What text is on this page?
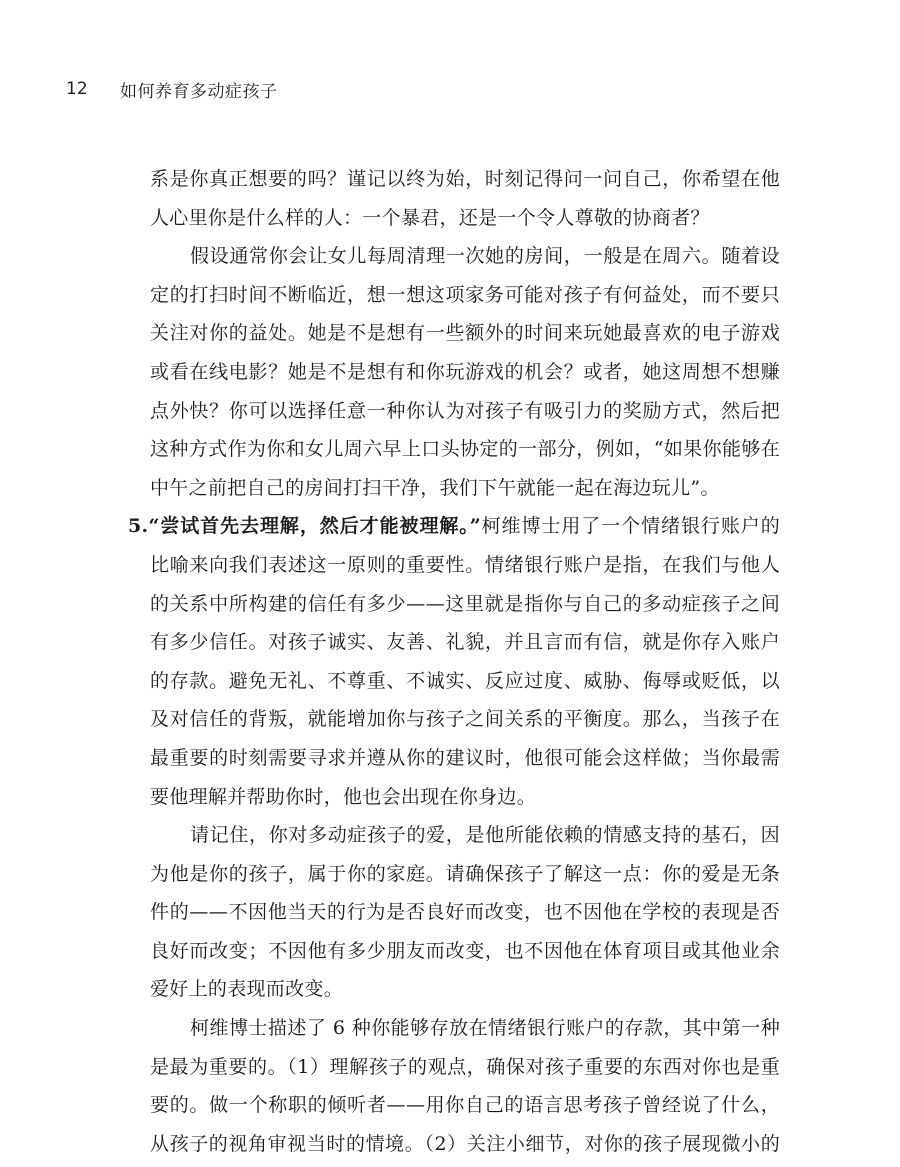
12	如何养育多动症孩子
系是你真正想要的吗？谨记以终为始，时刻记得问一问自己，你希望在他
人心里你是什么样的人：一个暴君，还是一个令人尊敬的协商者？
假设通常你会让女儿每周清理一次她的房间，一般是在周六。随着设
定的打扫时间不断临近，想一想这项家务可能对孩子有何益处，而不要只
关注对你的益处。她是不是想有一些额外的时间来玩她最喜欢的电子游戏
或看在线电影？她是不是想有和你玩游戏的机会？或者，她这周想不想赚
点外快？你可以选择任意一种你认为对孩子有吸引力的奖励方式，然后把
这种方式作为你和女儿周六早上口头协定的一部分，例如，“如果你能够在
中午之前把自己的房间打扫干净，我们下午就能一起在海边玩儿”。
5.“尝试首先去理解，然后才能被理解。”柯维博士用了一个情绪银行账户的
比喻来向我们表述这一原则的重要性。情绪银行账户是指，在我们与他人
的关系中所构建的信任有多少——这里就是指你与自己的多动症孩子之间
有多少信任。对孩子诚实、友善、礼貌，并且言而有信，就是你存入账户
的存款。避免无礼、不尊重、不诚实、反应过度、威胁、侮辱或贬低，以
及对信任的背叛，就能增加你与孩子之间关系的平衡度。那么，当孩子在
最重要的时刻需要寻求并遵从你的建议时，他很可能会这样做；当你最需
要他理解并帮助你时，他也会出现在你身边。
请记住，你对多动症孩子的爱，是他所能依赖的情感支持的基石，因
为他是你的孩子，属于你的家庭。请确保孩子了解这一点：你的爱是无条
件的——不因他当天的行为是否良好而改变，也不因他在学校的表现是否
良好而改变；不因他有多少朋友而改变，也不因他在体育项目或其他业余
爱好上的表现而改变。
柯维博士描述了 6 种你能够存放在情绪银行账户的存款，其中第一种
是最为重要的。（1）理解孩子的观点，确保对孩子重要的东西对你也是重
要的。做一个称职的倾听者——用你自己的语言思考孩子曾经说了什么，
从孩子的视角审视当时的情境。（2）关注小细节，对你的孩子展现微小的
